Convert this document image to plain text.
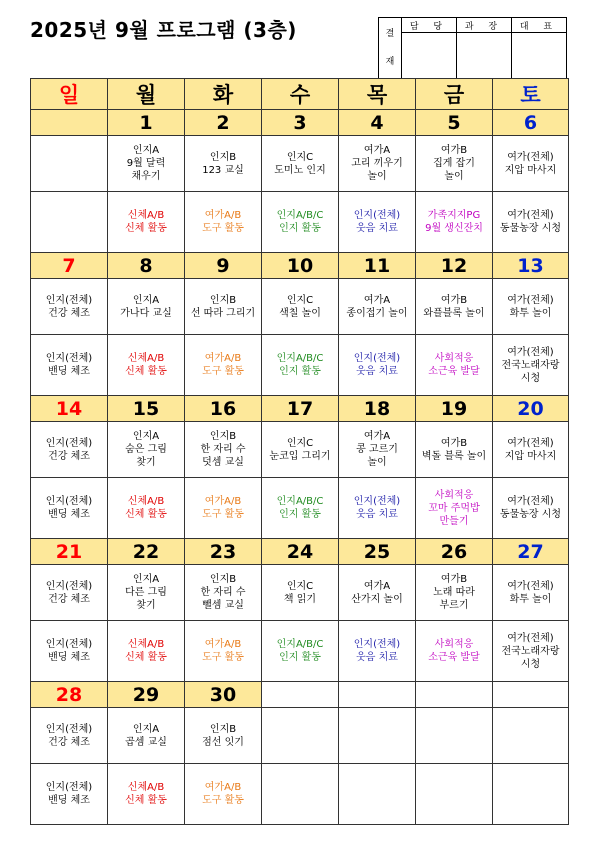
2025년 9월 프로그램 (3층)	결
재	담 당	과 장	대 표

일	월	화	수	목	금	토
	1	2	3	4	5	6

	인지A
9월 달력
채우기	인지B
123 교실	인지C
도미노 인지	여가A
고리 끼우기
놀이	여가B
집게 잡기
놀이	여가(전체)
지압 마사지

	신체A/B
신체 활동	여가A/B
도구 활동	인지A/B/C
인지 활동	인지(전체)
웃음 치료	가족지지PG
9월 생신잔치	여가(전체)
동물농장 시청

7	8	9	10	11	12	13

인지(전체)
건강 체조	인지A
가나다 교실	인지B
선 따라 그리기	인지C
색칠 놀이	여가A
종이접기 놀이	여가B
와플블록 놀이	여가(전체)
화투 놀이

인지(전체)
밴딩 체조	신체A/B
신체 활동	여가A/B
도구 활동	인지A/B/C
인지 활동	인지(전체)
웃음 치료	사회적응
소근육 발달	여가(전체)
전국노래자랑
시청

14	15	16	17	18	19	20

인지(전체)
건강 체조	인지A
숨은 그림
찾기	인지B
한 자리 수
덧셈 교실	인지C
눈코입 그리기	여가A
콩 고르기
놀이	여가B
벽돌 블록 놀이	여가(전체)
지압 마사지

인지(전체)
밴딩 체조	신체A/B
신체 활동	여가A/B
도구 활동	인지A/B/C
인지 활동	인지(전체)
웃음 치료	사회적응
꼬마 주먹밥
만들기	여가(전체)
동물농장 시청

21	22	23	24	25	26	27

인지(전체)
건강 체조	인지A
다른 그림
찾기	인지B
한 자리 수
뺄셈 교실	인지C
책 읽기	여가A
산가지 놀이	여가B
노래 따라
부르기	여가(전체)
화투 놀이

인지(전체)
밴딩 체조	신체A/B
신체 활동	여가A/B
도구 활동	인지A/B/C
인지 활동	인지(전체)
웃음 치료	사회적응
소근육 발달	여가(전체)
전국노래자랑
시청

28	29	30				

인지(전체)
건강 체조	인지A
곱셈 교실	인지B
점선 잇기				

인지(전체)
밴딩 체조	신체A/B
신체 활동	여가A/B
도구 활동				
